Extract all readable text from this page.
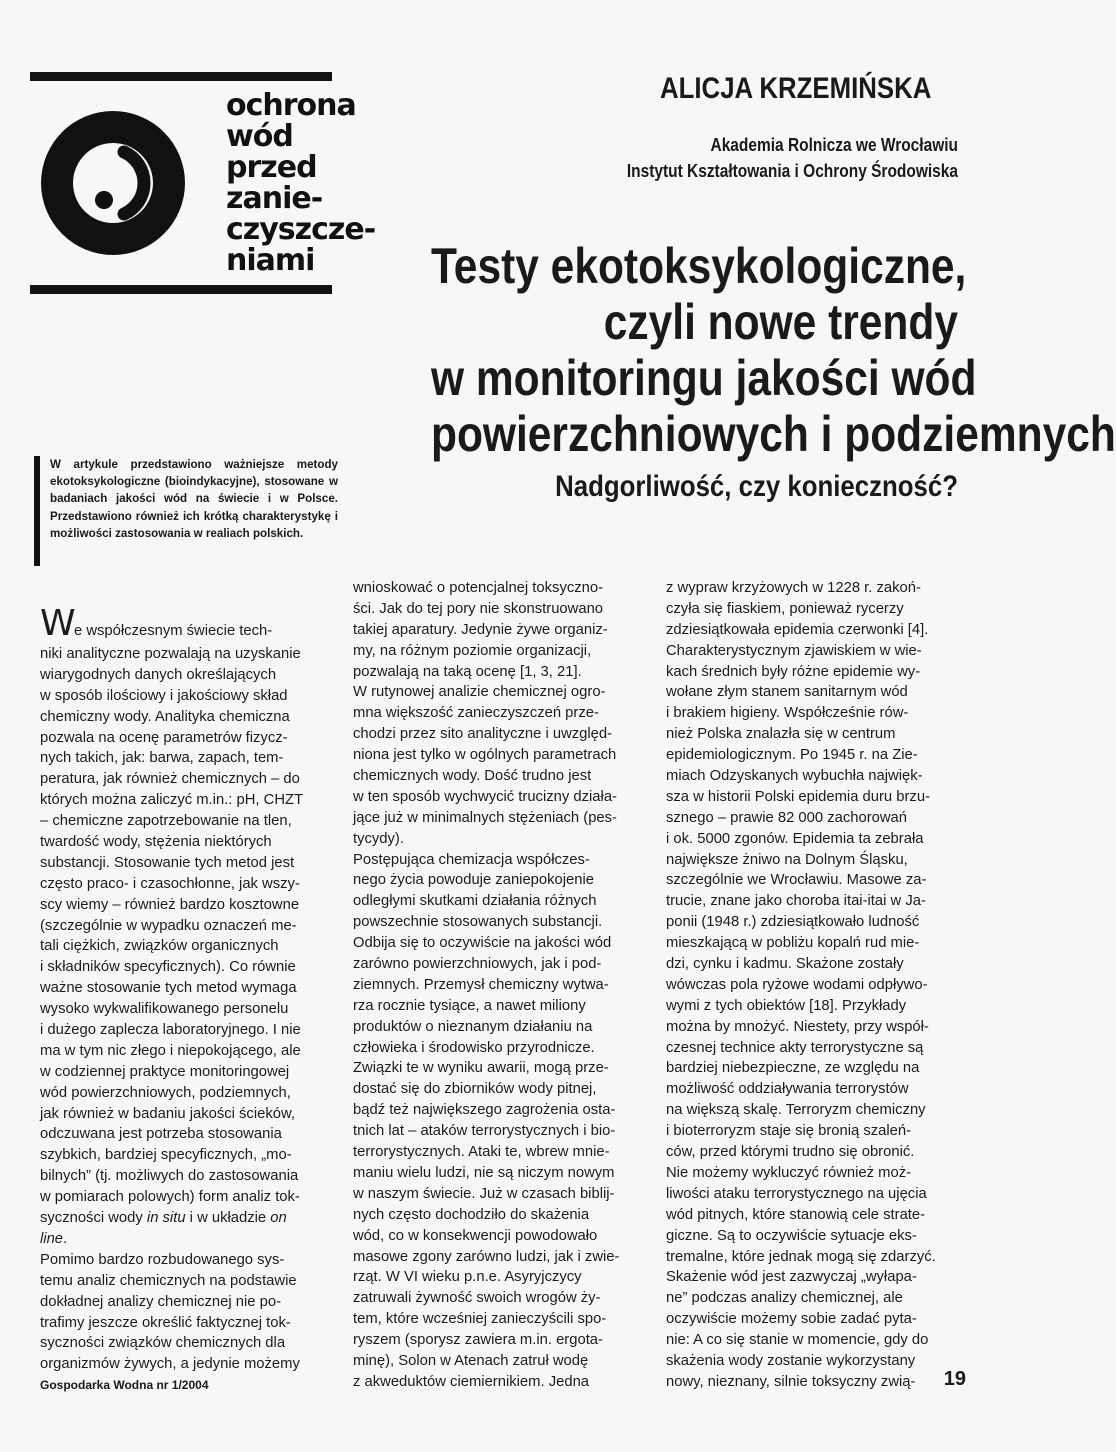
ochrona
wód
przed
zanie-
czyszcze-
niami
ALICJA KRZEMIŃSKA
Akademia Rolnicza we Wrocławiu
Instytut Kształtowania i Ochrony Środowiska
Testy ekotoksykologiczne,
czyli nowe trendy
w monitoringu jakości wód
powierzchniowych i podziemnych
Nadgorliwość, czy konieczność?
W artykule przedstawiono ważniejsze metody ekotoksykologiczne (bioindykacyjne), stosowane w badaniach jakości wód na świecie i w Polsce. Przedstawiono również ich krótką charakterystykę i możliwości zastosowania w realiach polskich.
We współczesnym świecie tech-
niki analityczne pozwalają na uzyskanie
wiarygodnych danych określających
w sposób ilościowy i jakościowy skład
chemiczny wody. Analityka chemiczna
pozwala na ocenę parametrów fizycz-
nych takich, jak: barwa, zapach, tem-
peratura, jak również chemicznych – do
których można zaliczyć m.in.: pH, CHZT
– chemiczne zapotrzebowanie na tlen,
twardość wody, stężenia niektórych
substancji. Stosowanie tych metod jest
często praco- i czasochłonne, jak wszy-
scy wiemy – również bardzo kosztowne
(szczególnie w wypadku oznaczeń me-
tali ciężkich, związków organicznych
i składników specyficznych). Co równie
ważne stosowanie tych metod wymaga
wysoko wykwalifikowanego personelu
i dużego zaplecza laboratoryjnego. I nie
ma w tym nic złego i niepokojącego, ale
w codziennej praktyce monitoringowej
wód powierzchniowych, podziemnych,
jak również w badaniu jakości ścieków,
odczuwana jest potrzeba stosowania
szybkich, bardziej specyficznych, „mo-
bilnych” (tj. możliwych do zastosowania
w pomiarach polowych) form analiz tok-
syczności wody in situ i w układzie on
line.
Pomimo bardzo rozbudowanego sys-
temu analiz chemicznych na podstawie
dokładnej analizy chemicznej nie po-
trafimy jeszcze określić faktycznej tok-
syczności związków chemicznych dla
organizmów żywych, a jedynie możemy
wnioskować o potencjalnej toksyczno-
ści. Jak do tej pory nie skonstruowano
takiej aparatury. Jedynie żywe organiz-
my, na różnym poziomie organizacji,
pozwalają na taką ocenę [1, 3, 21].
W rutynowej analizie chemicznej ogro-
mna większość zanieczyszczeń prze-
chodzi przez sito analityczne i uwzględ-
niona jest tylko w ogólnych parametrach
chemicznych wody. Dość trudno jest
w ten sposób wychwycić trucizny działa-
jące już w minimalnych stężeniach (pes-
tycydy).
Postępująca chemizacja współczes-
nego życia powoduje zaniepokojenie
odległymi skutkami działania różnych
powszechnie stosowanych substancji.
Odbija się to oczywiście na jakości wód
zarówno powierzchniowych, jak i pod-
ziemnych. Przemysł chemiczny wytwa-
rza rocznie tysiące, a nawet miliony
produktów o nieznanym działaniu na
człowieka i środowisko przyrodnicze.
Związki te w wyniku awarii, mogą prze-
dostać się do zbiorników wody pitnej,
bądź też największego zagrożenia osta-
tnich lat – ataków terrorystycznych i bio-
terrorystycznych. Ataki te, wbrew mnie-
maniu wielu ludzi, nie są niczym nowym
w naszym świecie. Już w czasach biblij-
nych często dochodziło do skażenia
wód, co w konsekwencji powodowało
masowe zgony zarówno ludzi, jak i zwie-
rząt. W VI wieku p.n.e. Asyryjczycy
zatruwali żywność swoich wrogów ży-
tem, które wcześniej zanieczyścili spo-
ryszem (sporysz zawiera m.in. ergota-
minę), Solon w Atenach zatruł wodę
z akweduktów ciemiernikiem. Jedna
z wypraw krzyżowych w 1228 r. zakoń-
czyła się fiaskiem, ponieważ rycerzy
zdziesiątkowała epidemia czerwonki [4].
Charakterystycznym zjawiskiem w wie-
kach średnich były różne epidemie wy-
wołane złym stanem sanitarnym wód
i brakiem higieny. Współcześnie rów-
nież Polska znalazła się w centrum
epidemiologicznym. Po 1945 r. na Zie-
miach Odzyskanych wybuchła najwięk-
sza w historii Polski epidemia duru brzu-
sznego – prawie 82 000 zachorowań
i ok. 5000 zgonów. Epidemia ta zebrała
największe żniwo na Dolnym Śląsku,
szczególnie we Wrocławiu. Masowe za-
trucie, znane jako choroba itai-itai w Ja-
ponii (1948 r.) zdziesiątkowało ludność
mieszkającą w pobliżu kopalń rud mie-
dzi, cynku i kadmu. Skażone zostały
wówczas pola ryżowe wodami odpływo-
wymi z tych obiektów [18]. Przykłady
można by mnożyć. Niestety, przy współ-
czesnej technice akty terrorystyczne są
bardziej niebezpieczne, ze względu na
możliwość oddziaływania terrorystów
na większą skalę. Terroryzm chemiczny
i bioterroryzm staje się bronią szaleń-
ców, przed którymi trudno się obronić.
Nie możemy wykluczyć również moż-
liwości ataku terrorystycznego na ujęcia
wód pitnych, które stanowią cele strate-
giczne. Są to oczywiście sytuacje eks-
tremalne, które jednak mogą się zdarzyć.
Skażenie wód jest zazwyczaj „wyłapa-
ne” podczas analizy chemicznej, ale
oczywiście możemy sobie zadać pyta-
nie: A co się stanie w momencie, gdy do
skażenia wody zostanie wykorzystany
nowy, nieznany, silnie toksyczny zwią-
Gospodarka Wodna nr 1/2004	19
